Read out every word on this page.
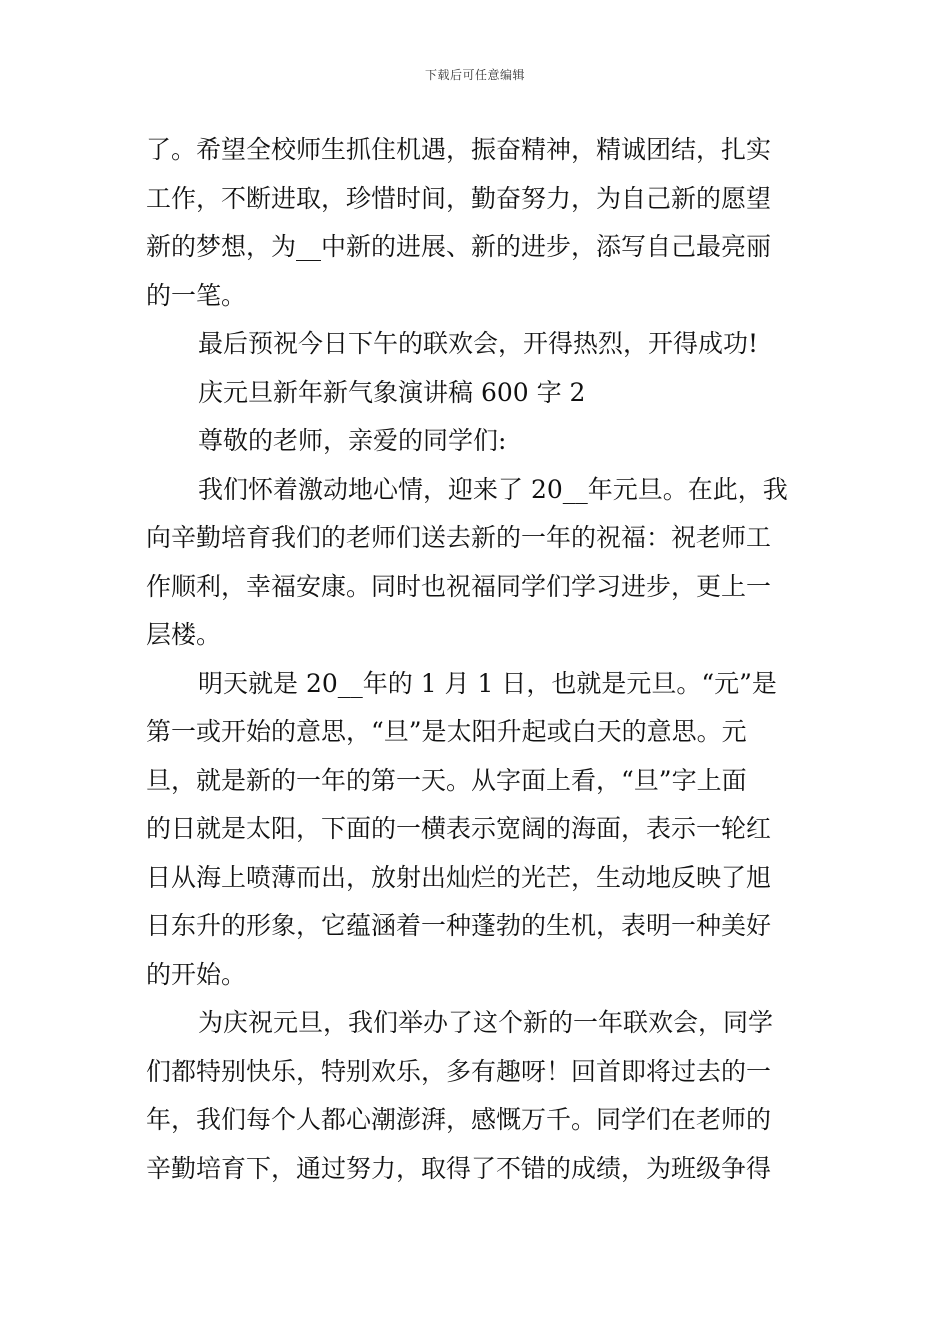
下载后可任意编辑
了。希望全校师生抓住机遇，振奋精神，精诚团结，扎实
工作，不断进取，珍惜时间，勤奋努力，为自己新的愿望
新的梦想，为__中新的进展、新的进步，添写自己最亮丽
的一笔。
最后预祝今日下午的联欢会，开得热烈，开得成功!
庆元旦新年新气象演讲稿 600 字 2
尊敬的老师，亲爱的同学们:
我们怀着激动地心情，迎来了 20__年元旦。在此，我
向辛勤培育我们的老师们送去新的一年的祝福：祝老师工
作顺利，幸福安康。同时也祝福同学们学习进步，更上一
层楼。
明天就是 20__年的 1 月 1 日，也就是元旦。“元”是
第一或开始的意思，“旦”是太阳升起或白天的意思。元
旦，就是新的一年的第一天。从字面上看，“旦”字上面
的日就是太阳，下面的一横表示宽阔的海面，表示一轮红
日从海上喷薄而出，放射出灿烂的光芒，生动地反映了旭
日东升的形象，它蕴涵着一种蓬勃的生机，表明一种美好
的开始。
为庆祝元旦，我们举办了这个新的一年联欢会，同学
们都特别快乐，特别欢乐，多有趣呀！回首即将过去的一
年，我们每个人都心潮澎湃，感慨万千。同学们在老师的
辛勤培育下，通过努力，取得了不错的成绩，为班级争得
